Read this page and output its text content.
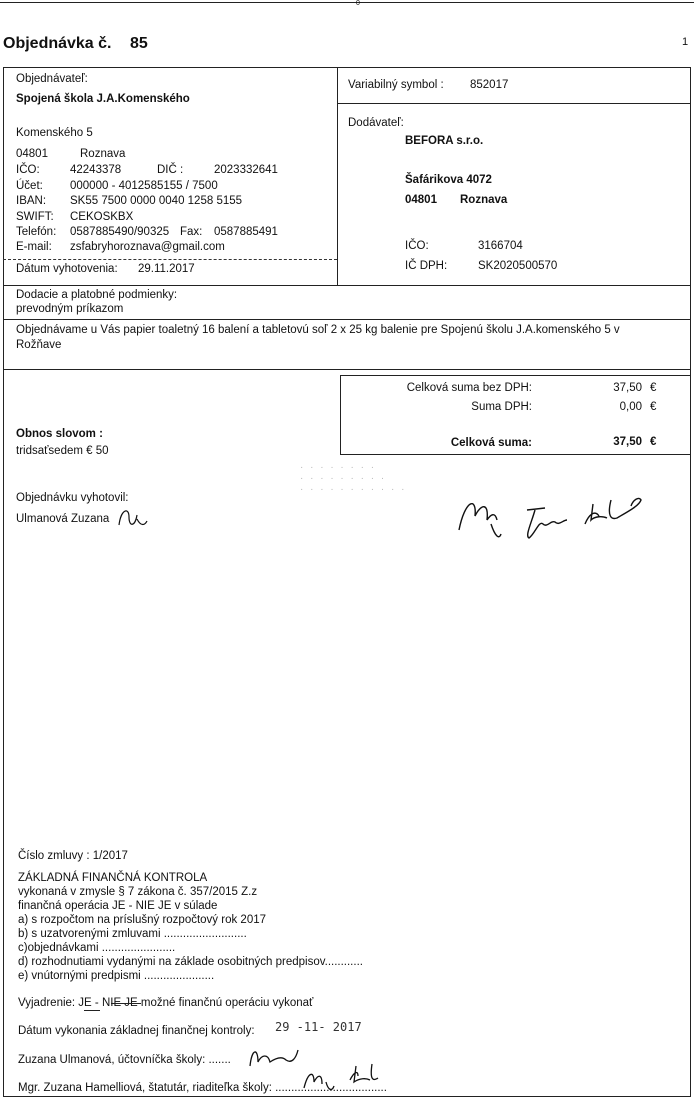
0
Objednávka č. 85	1
Objednávateľ:
Spojená škola J.A.Komenského
Komenského 5
04801	Roznava
IČO:	42243378	DIČ :	2023332641
Účet: 000000 - 4012585155 / 7500
IBAN: SK55 7500 0000 0040 1258 5155
SWIFT: CEKOSKBX
Telefón: 0587885490/90325 Fax: 0587885491
E-mail: zsfabryhoroznava@gmail.com
Dátum vyhotovenia: 29.11.2017
Variabilný symbol : 852017
Dodávateľ:
BEFORA s.r.o.
Šafárikova 4072
04801 Roznava
IČO:	3166704
IČ DPH:	SK2020500570
Dodacie a platobné podmienky:
prevodným príkazom
Objednávame u Vás papier toaletný 16 balení a tabletovú soľ 2 x 25 kg balenie pre Spojenú školu J.A.komenského 5 v
Rožňave
Celková suma bez DPH:	37,50 €
Suma DPH:	0,00 €
Celková suma:	37,50 €
Obnos slovom :
tridsaťsedem € 50
· · · · · · · ·
· · · · · · · · ·
· · · · · · · · · · ·
Objednávku vyhotovil:
Ulmanová Zuzana
Číslo zmluvy : 1/2017
ZÁKLADNÁ FINANČNÁ KONTROLA
vykonaná v zmysle § 7 zákona č. 357/2015 Z.z
finančná operácia JE - NIE JE v súlade
a) s rozpočtom na príslušný rozpočtový rok 2017
b) s uzatvorenými zmluvami ..........................
c)objednávkami .......................
d) rozhodnutiami vydanými na základe osobitných predpisov............
e) vnútornými predpismi ......................
Vyjadrenie: JE - NIE JE možné finančnú operáciu vykonať
Dátum vykonania základnej finančnej kontroly: 29 -11- 2017
Zuzana Ulmanová, účtovníčka školy: .......
Mgr. Zuzana Hamelliová, štatutár, riaditeľka školy: ...................................
